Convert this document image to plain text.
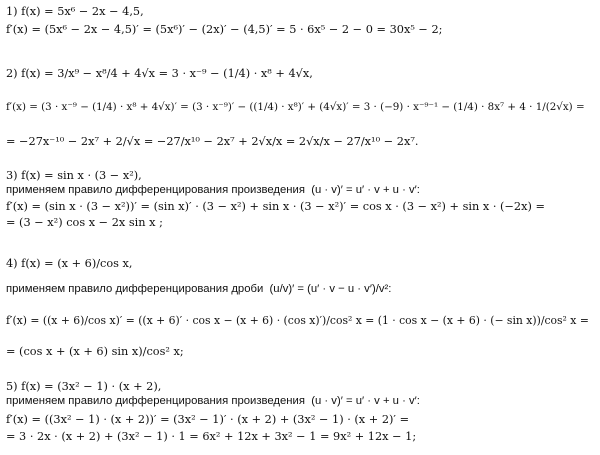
1) f(x) = 5x⁶ − 2x − 4,5,
f′(x) = (5x⁶ − 2x − 4,5)′ = (5x⁶)′ − (2x)′ − (4,5)′ = 5 · 6x⁵ − 2 − 0 = 30x⁵ − 2;
2) f(x) = 3/x⁹ − x⁸/4 + 4√x = 3 · x⁻⁹ − (1/4) · x⁸ + 4√x,
f′(x) = (3 · x⁻⁹ − (1/4) · x⁸ + 4√x)′ = (3 · x⁻⁹)′ − ((1/4) · x⁸)′ + (4√x)′ = 3 · (−9) · x⁻⁹⁻¹ − (1/4) · 8x⁷ + 4 · 1/(2√x) =
= −27x⁻¹⁰ − 2x⁷ + 2/√x = −27/x¹⁰ − 2x⁷ + 2√x/x = 2√x/x − 27/x¹⁰ − 2x⁷.
3) f(x) = sin x · (3 − x²),
применяем правило дифференцирования произведения  (u · v)′ = u′ · v + u · v′:
f′(x) = (sin x · (3 − x²))′ = (sin x)′ · (3 − x²) + sin x · (3 − x²)′ = cos x · (3 − x²) + sin x · (−2x) =
= (3 − x²) cos x − 2x sin x ;
4) f(x) = (x + 6)/cos x,
применяем правило дифференцирования дроби  (u/v)′ = (u′ · v − u · v′)/v²:
f′(x) = ((x + 6)/cos x)′ = ((x + 6)′ · cos x − (x + 6) · (cos x)′)/cos² x = (1 · cos x − (x + 6) · (− sin x))/cos² x =
= (cos x + (x + 6) sin x)/cos² x;
5) f(x) = (3x² − 1) · (x + 2),
применяем правило дифференцирования произведения  (u · v)′ = u′ · v + u · v′:
f′(x) = ((3x² − 1) · (x + 2))′ = (3x² − 1)′ · (x + 2) + (3x² − 1) · (x + 2)′ =
= 3 · 2x · (x + 2) + (3x² − 1) · 1 = 6x² + 12x + 3x² − 1 = 9x² + 12x − 1;
